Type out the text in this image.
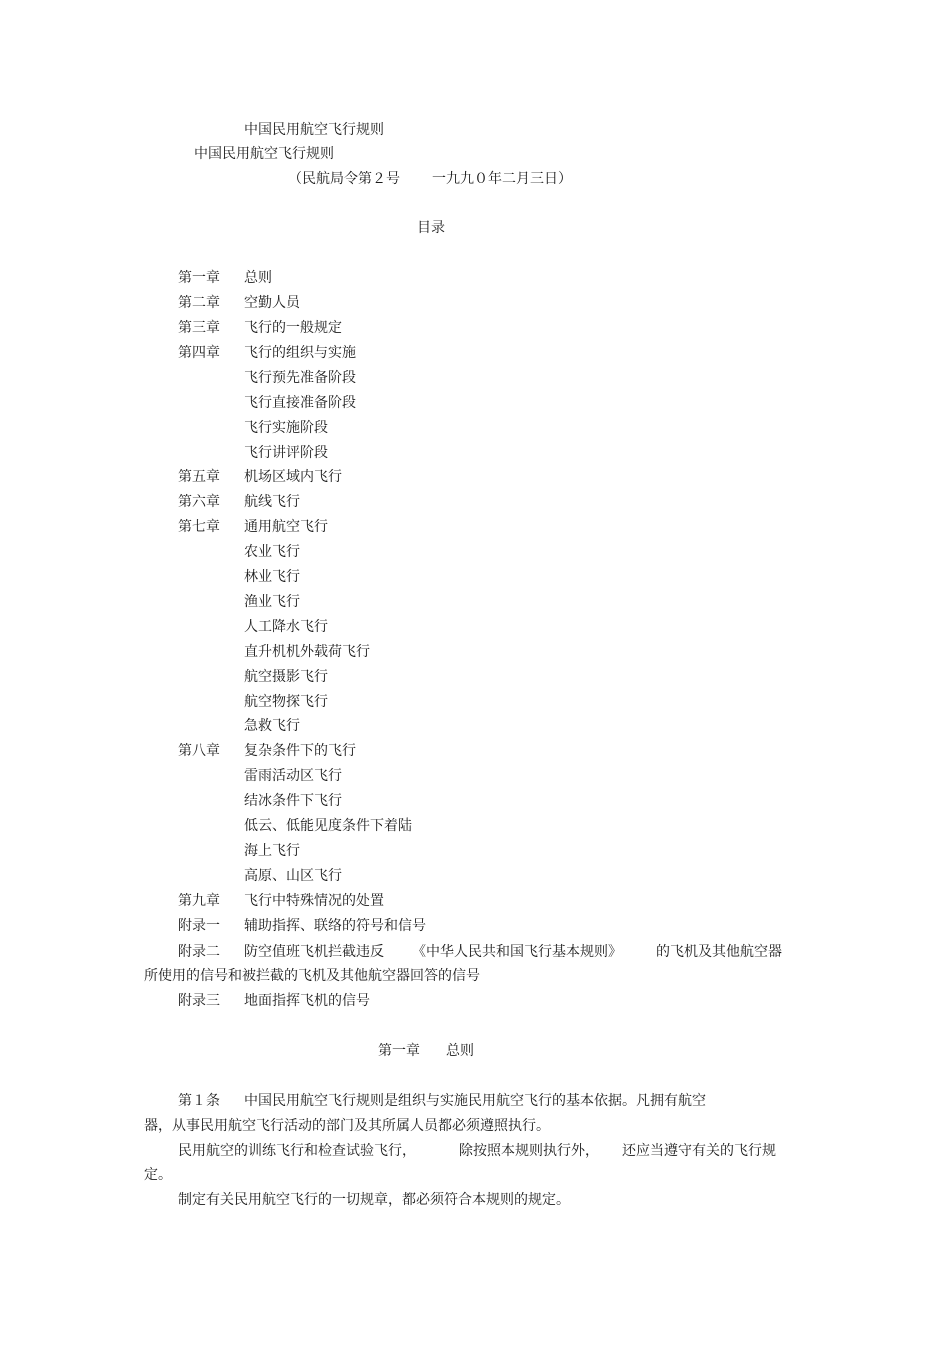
中国民用航空飞行规则
中国民用航空飞行规则
（民航局令第２号 一九九０年二月三日）
目录
第一章 总则
第二章 空勤人员
第三章 飞行的一般规定
第四章 飞行的组织与实施
飞行预先准备阶段
飞行直接准备阶段
飞行实施阶段
飞行讲评阶段
第五章 机场区域内飞行
第六章 航线飞行
第七章 通用航空飞行
农业飞行
林业飞行
渔业飞行
人工降水飞行
直升机机外载荷飞行
航空摄影飞行
航空物探飞行
急救飞行
第八章 复杂条件下的飞行
雷雨活动区飞行
结冰条件下飞行
低云、低能见度条件下着陆
海上飞行
高原、山区飞行
第九章 飞行中特殊情况的处置
附录一 辅助指挥、联络的符号和信号
附录二 防空值班飞机拦截违反 《中华人民共和国飞行基本规则》 的飞机及其他航空器
所使用的信号和被拦截的飞机及其他航空器回答的信号
附录三 地面指挥飞机的信号
第一章 总则
第１条 中国民用航空飞行规则是组织与实施民用航空飞行的基本依据。凡拥有航空
器，从事民用航空飞行活动的部门及其所属人员都必须遵照执行。
民用航空的训练飞行和检查试验飞行，	除按照本规则执行外， 还应当遵守有关的飞行规
定。
制定有关民用航空飞行的一切规章，都必须符合本规则的规定。
